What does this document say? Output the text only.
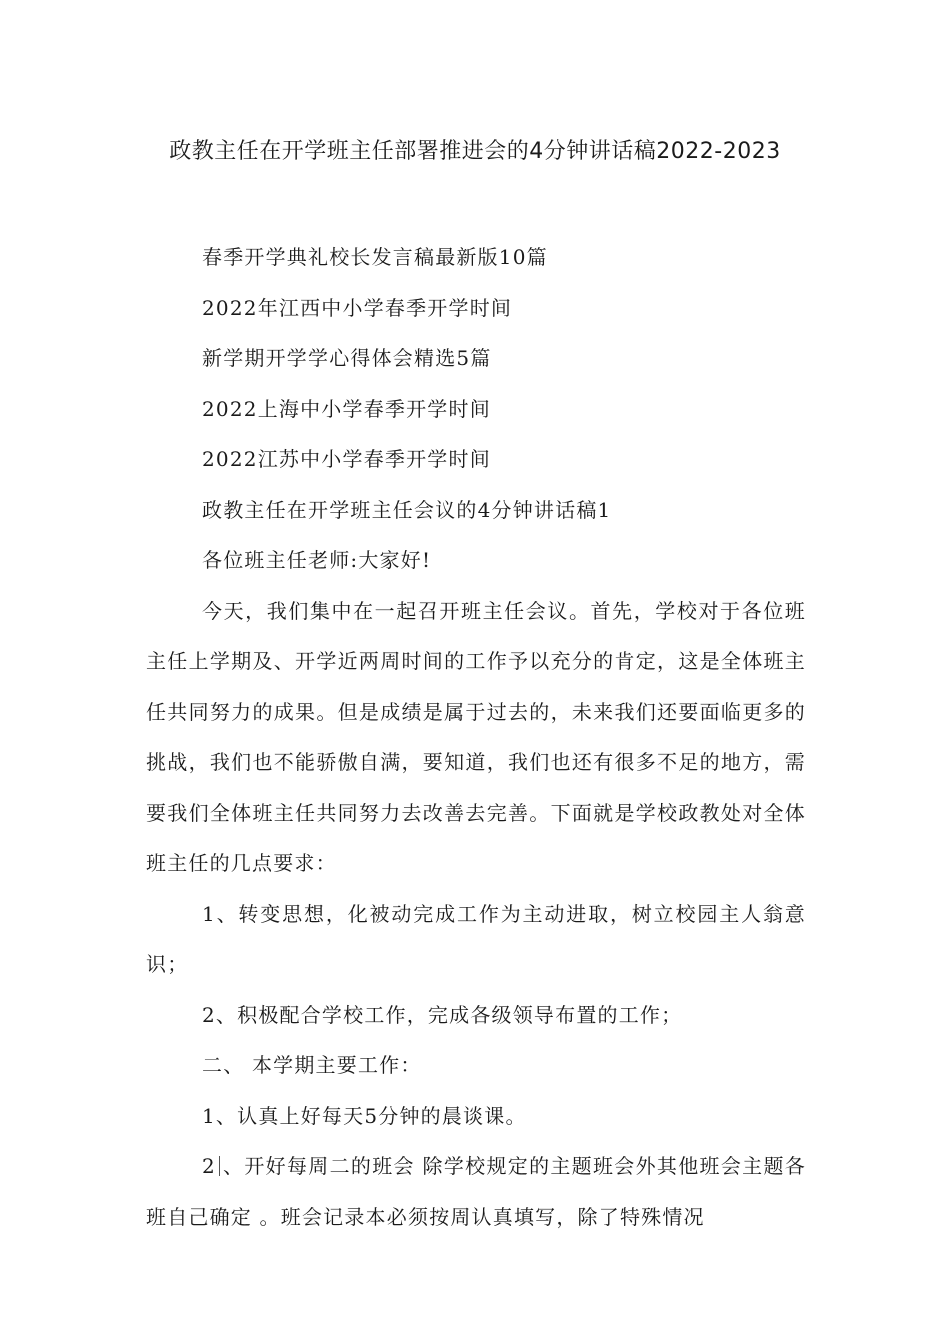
政教主任在开学班主任部署推进会的4分钟讲话稿2022-2023

春季开学典礼校长发言稿最新版10篇

2022年江西中小学春季开学时间

新学期开学学心得体会精选5篇

2022上海中小学春季开学时间

2022江苏中小学春季开学时间

政教主任在开学班主任会议的4分钟讲话稿1

各位班主任老师:大家好!

今天，我们集中在一起召开班主任会议。首先，学校对于各位班主任上学期及、开学近两周时间的工作予以充分的肯定，这是全体班主任共同努力的成果。但是成绩是属于过去的，未来我们还要面临更多的挑战，我们也不能骄傲自满，要知道，我们也还有很多不足的地方，需要我们全体班主任共同努力去改善去完善。下面就是学校政教处对全体班主任的几点要求：

1、转变思想，化被动完成工作为主动进取，树立校园主人翁意识；

2、积极配合学校工作，完成各级领导布置的工作；

二、 本学期主要工作：

1、认真上好每天5分钟的晨谈课。

2 、开好每周二的班会 除学校规定的主题班会外其他班会主题各班自己确定 。班会记录本必须按周认真填写，除了特殊情况
